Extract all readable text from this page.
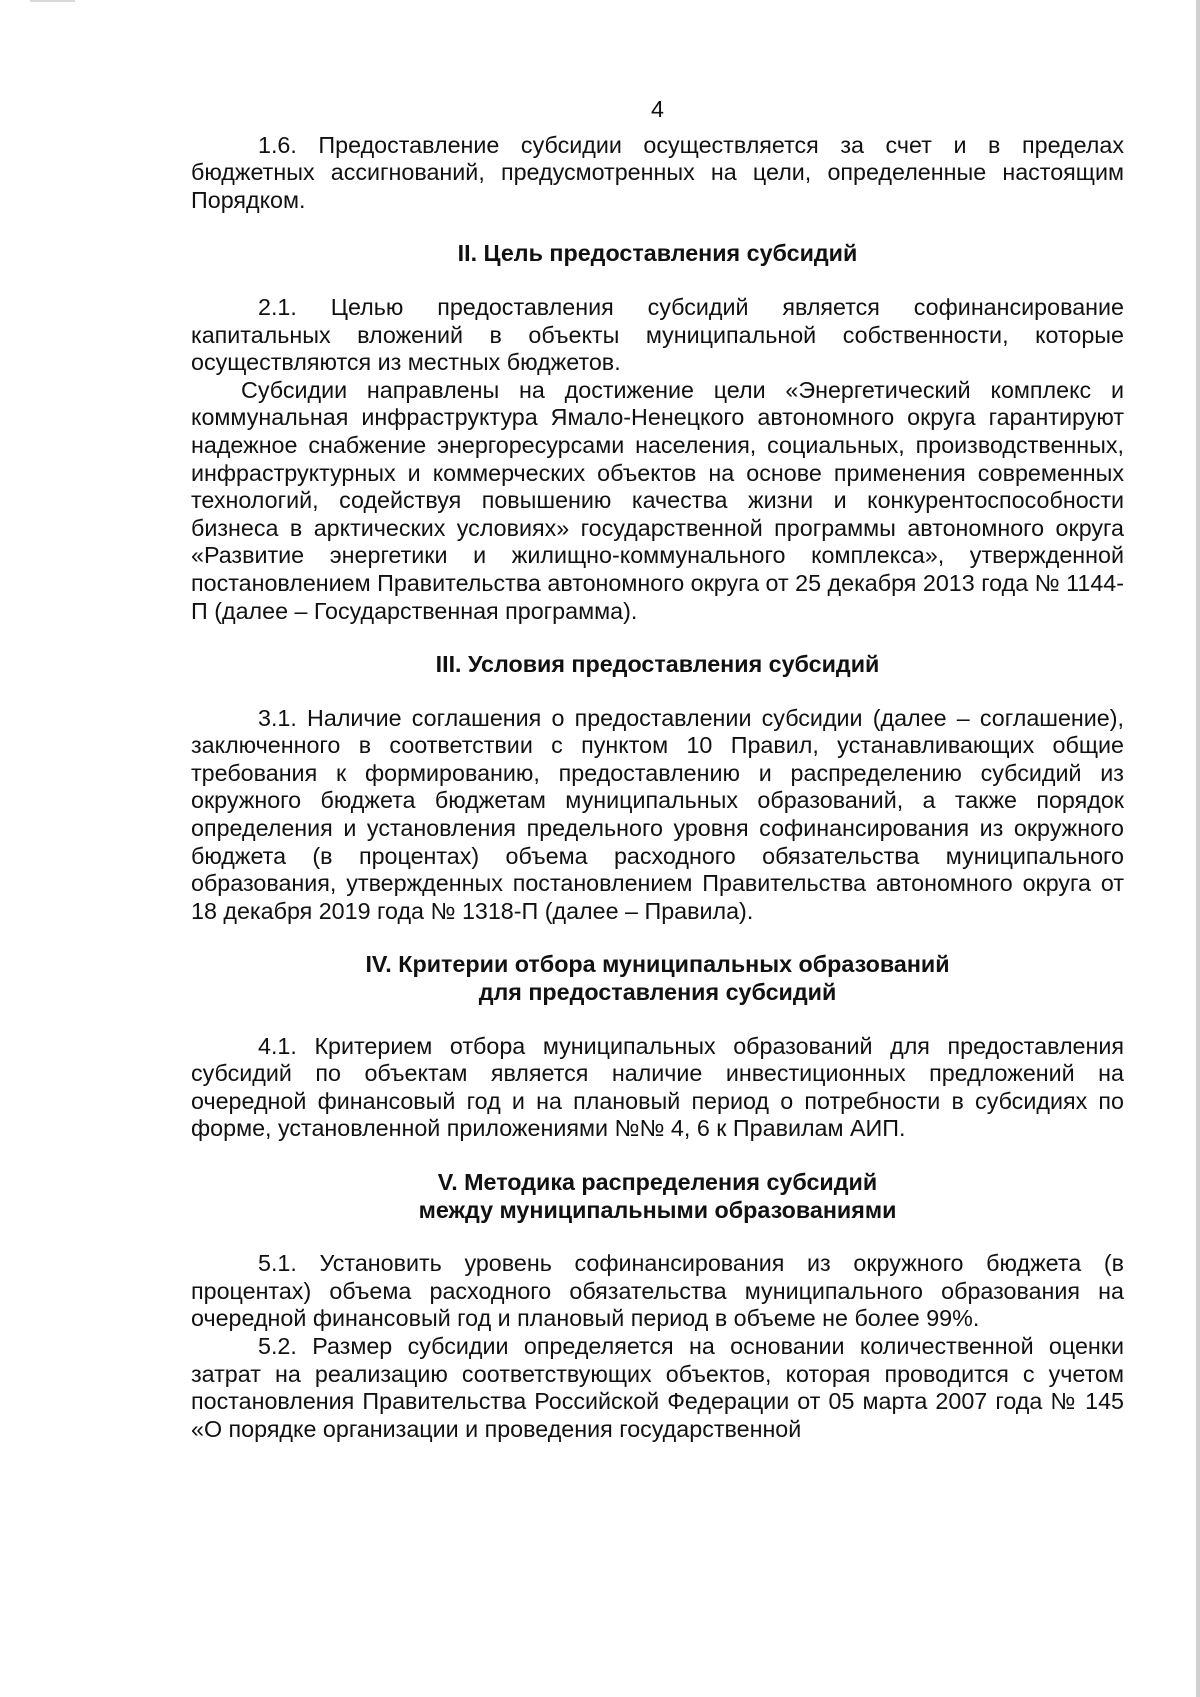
4

1.6. Предоставление субсидии осуществляется за счет и в пределах бюджетных ассигнований, предусмотренных на цели, определенные настоящим Порядком.

II. Цель предоставления субсидий

2.1. Целью предоставления субсидий является софинансирование капитальных вложений в объекты муниципальной собственности, которые осуществляются из местных бюджетов.

Субсидии направлены на достижение цели «Энергетический комплекс и коммунальная инфраструктура Ямало-Ненецкого автономного округа гарантируют надежное снабжение энергоресурсами населения, социальных, производственных, инфраструктурных и коммерческих объектов на основе применения современных технологий, содействуя повышению качества жизни и конкурентоспособности бизнеса в арктических условиях» государственной программы автономного округа «Развитие энергетики и жилищно-коммунального комплекса», утвержденной постановлением Правительства автономного округа от 25 декабря 2013 года № 1144-П (далее – Государственная программа).

III. Условия предоставления субсидий

3.1. Наличие соглашения о предоставлении субсидии (далее – соглашение), заключенного в соответствии с пунктом 10 Правил, устанавливающих общие требования к формированию, предоставлению и распределению субсидий из окружного бюджета бюджетам муниципальных образований, а также порядок определения и установления предельного уровня софинансирования из окружного бюджета (в процентах) объема расходного обязательства муниципального образования, утвержденных постановлением Правительства автономного округа от 18 декабря 2019 года № 1318-П (далее – Правила).

IV. Критерии отбора муниципальных образований
для предоставления субсидий

4.1. Критерием отбора муниципальных образований для предоставления субсидий по объектам является наличие инвестиционных предложений на очередной финансовый год и на плановый период о потребности в субсидиях по форме, установленной приложениями №№ 4, 6 к Правилам АИП.

V. Методика распределения субсидий
между муниципальными образованиями

5.1. Установить уровень софинансирования из окружного бюджета (в процентах) объема расходного обязательства муниципального образования на очередной финансовый год и плановый период в объеме не более 99%.

5.2. Размер субсидии определяется на основании количественной оценки затрат на реализацию соответствующих объектов, которая проводится с учетом постановления Правительства Российской Федерации от 05 марта 2007 года № 145 «О порядке организации и проведения государственной
